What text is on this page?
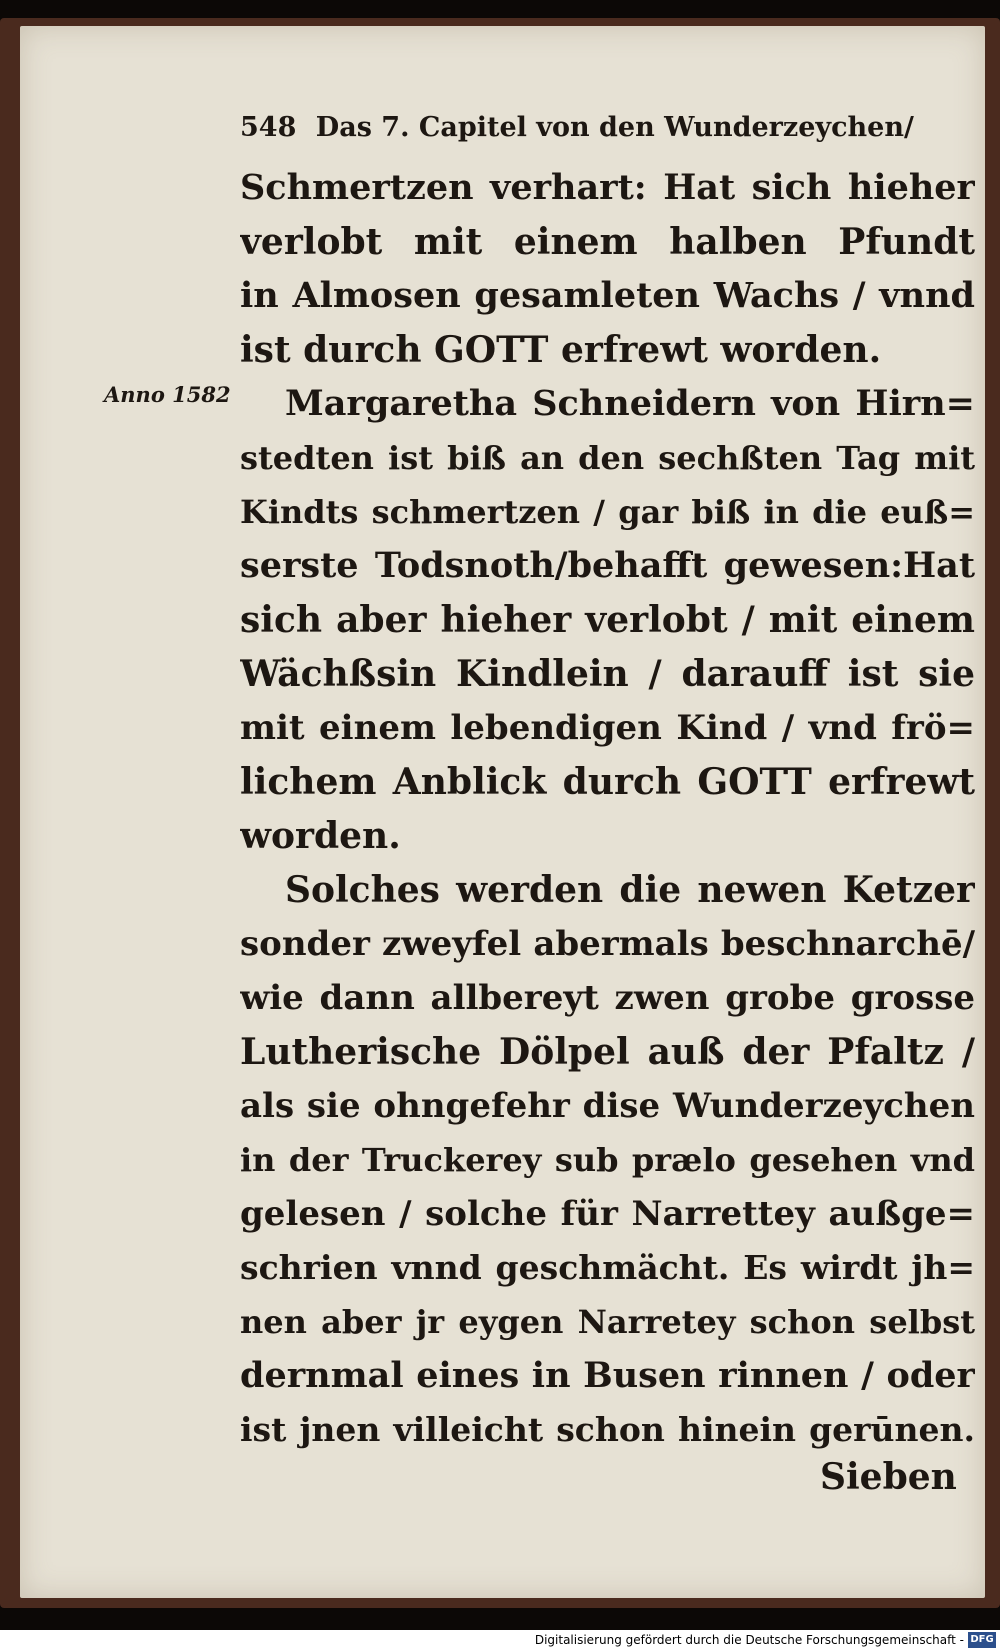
548 Das 7. Capitel von den Wunderzeychen/
Anno 1582
Schmertzen verhart: Hat sich hieher
verlobt mit einem halben Pfundt
in Almosen gesamleten Wachs / vnnd
ist durch GOTT erfrewt worden.
Margaretha Schneidern von Hirn=
stedten ist biß an den sechßten Tag mit
Kindts schmertzen / gar biß in die euß=
serste Todsnoth/behafft gewesen:Hat
sich aber hieher verlobt / mit einem
Wächßsin Kindlein / darauff ist sie
mit einem lebendigen Kind / vnd frö=
lichem Anblick durch GOTT erfrewt
worden.
Solches werden die newen Ketzer
sonder zweyfel abermals beschnarchē/
wie dann allbereyt zwen grobe grosse
Lutherische Dölpel auß der Pfaltz /
als sie ohngefehr dise Wunderzeychen
in der Truckerey sub prælo gesehen vnd
gelesen / solche für Narrettey außge=
schrien vnnd geschmächt. Es wirdt jh=
nen aber jr eygen Narretey schon selbst
dernmal eines in Busen rinnen / oder
ist jnen villeicht schon hinein gerūnen.
Sieben
Digitalisierung gefördert durch die Deutsche Forschungsgemeinschaft - DFG
